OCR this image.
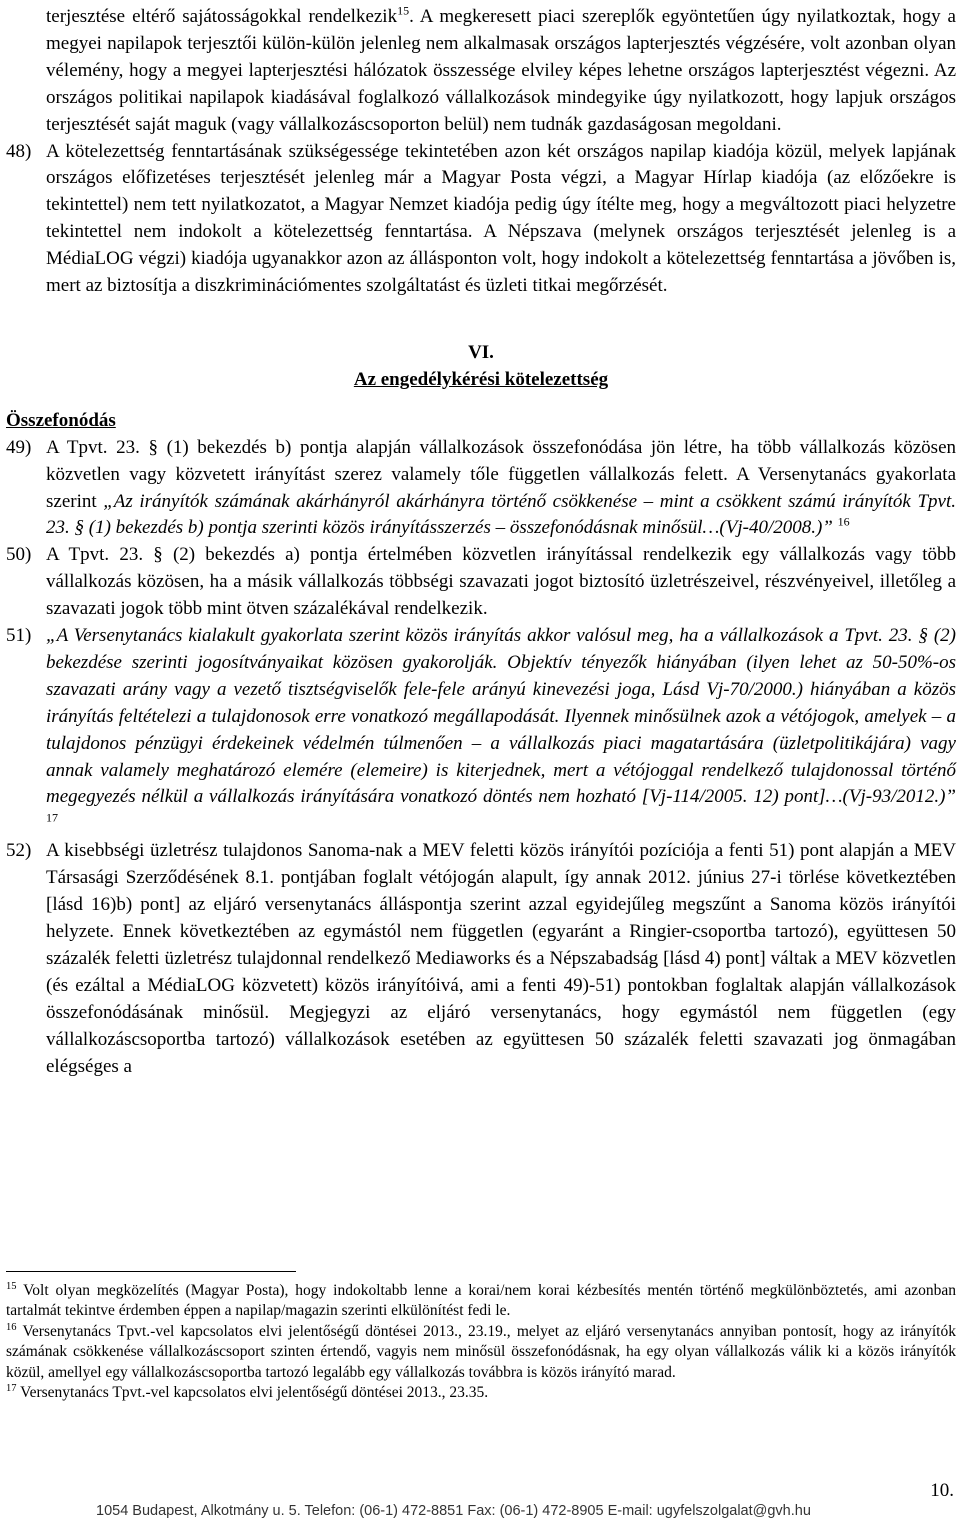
terjesztése eltérő sajátosságokkal rendelkezik$^{15}$. A megkeresett piaci szereplők egyöntetűen úgy nyilatkoztak, hogy a megyei napilapok terjesztői külön-külön jelenleg nem alkalmasak országos lapterjesztés végzésére, volt azonban olyan vélemény, hogy a megyei lapterjesztési hálózatok összessége elviley képes lehetne országos lapterjesztést végezni. Az országos politikai napilapok kiadásával foglalkozó vállalkozások mindegyike úgy nyilatkozott, hogy lapjuk országos terjesztését saját maguk (vagy vállalkozáscsoporton belül) nem tudnák gazdaságosan megoldani.

48) A kötelezettség fenntartásának szükségessége tekintetében azon két országos napilap kiadója közül, melyek lapjának országos előfizetéses terjesztését jelenleg már a Magyar Posta végzi, a Magyar Hírlap kiadója (az előzőekre is tekintettel) nem tett nyilatkozatot, a Magyar Nemzet kiadója pedig úgy ítélte meg, hogy a megváltozott piaci helyzetre tekintettel nem indokolt a kötelezettség fenntartása. A Népszava (melynek országos terjesztését jelenleg is a MédiaLOG végzi) kiadója ugyanakkor azon az állásponton volt, hogy indokolt a kötelezettség fenntartása a jövőben is, mert az biztosítja a diszkriminációmentes szolgáltatást és üzleti titkai megőrzését.
VI.
Az engedélykérési kötelezettség
Összefonódás
49) A Tpvt. 23. § (1) bekezdés b) pontja alapján vállalkozások összefonódása jön létre, ha több vállalkozás közösen közvetlen vagy közvetett irányítást szerez valamely tőle független vállalkozás felett. A Versenytanács gyakorlata szerint „Az irányítók számának akárhányról akárhányra történő csökkenése – mint a csökkent számú irányítók Tpvt. 23. § (1) bekezdés b) pontja szerinti közös irányításszerzés – összefonódásnak minősül…(Vj-40/2008.)” $^{16}$
50) A Tpvt. 23. § (2) bekezdés a) pontja értelmében közvetlen irányítással rendelkezik egy vállalkozás vagy több vállalkozás közösen, ha a másik vállalkozás többségi szavazati jogot biztosító üzletrészeivel, részvényeivel, illetőleg a szavazati jogok több mint ötven százalékával rendelkezik.
51) „A Versenytanács kialakult gyakorlata szerint közös irányítás akkor valósul meg, ha a vállalkozások a Tpvt. 23. § (2) bekezdése szerinti jogosítványaikat közösen gyakorolják. Objektív tényezők hiányában (ilyen lehet az 50-50%-os szavazati arány vagy a vezető tisztségviselők fele-fele arányú kinevezési joga, Lásd Vj-70/2000.) hiányában a közös irányítás feltételezi a tulajdonosok erre vonatkozó megállapodását. Ilyennek minősülnek azok a vétójogok, amelyek – a tulajdonos pénzügyi érdekeinek védelmén túlmenően – a vállalkozás piaci magatartására (üzletpolitikájára) vagy annak valamely meghatározó elemére (elemeire) is kiterjednek, mert a vétójoggal rendelkező tulajdonossal történő megegyezés nélkül a vállalkozás irányítására vonatkozó döntés nem hozható [Vj-114/2005. 12) pont]…(Vj-93/2012.)” $^{17}$
52) A kisebbségi üzletrész tulajdonos Sanoma-nak a MEV feletti közös irányítói pozíciója a fenti 51) pont alapján a MEV Társasági Szerződésének 8.1. pontjában foglalt vétójogán alapult, így annak 2012. június 27-i törlése következtében [lásd 16)b) pont] az eljáró versenytanács álláspontja szerint azzal egyidejűleg megszűnt a Sanoma közös irányítói helyzete. Ennek következtében az egymástól nem független (egyaránt a Ringier-csoportba tartozó), együttesen 50 százalék feletti üzletrész tulajdonnal rendelkező Mediaworks és a Népszabadság [lásd 4) pont] váltak a MEV közvetlen (és ezáltal a MédiaLOG közvetett) közös irányítóivá, ami a fenti 49)-51) pontokban foglaltak alapján vállalkozások összefonódásának minősül. Megjegyzi az eljáró versenytanács, hogy egymástól nem független (egy vállalkozáscsoportba tartozó) vállalkozások esetében az együttesen 50 százalék feletti szavazati jog önmagában elégséges a

$^{15}$ Volt olyan megközelítés (Magyar Posta), hogy indokoltabb lenne a korai/nem korai kézbesítés mentén történő megkülönböztetés, ami azonban tartalmát tekintve érdemben éppen a napilap/magazin szerinti elkülönítést fedi le.

$^{16}$ Versenytanács Tpvt.-vel kapcsolatos elvi jelentőségű döntései 2013., 23.19., melyet az eljáró versenytanács annyiban pontosít, hogy az irányítók számának csökkenése vállalkozáscsoport szinten értendő, vagyis nem minősül összefonódásnak, ha egy olyan vállalkozás válik ki a közös irányítók közül, amellyel egy vállalkozáscsoportba tartozó legalább egy vállalkozás továbbra is közös irányító marad.

$^{17}$ Versenytanács Tpvt.-vel kapcsolatos elvi jelentőségű döntései 2013., 23.35.

10.
1054 Budapest, Alkotmány u. 5. Telefon: (06-1) 472-8851 Fax: (06-1) 472-8905 E-mail: ugyfelszolgalat@gvh.hu
